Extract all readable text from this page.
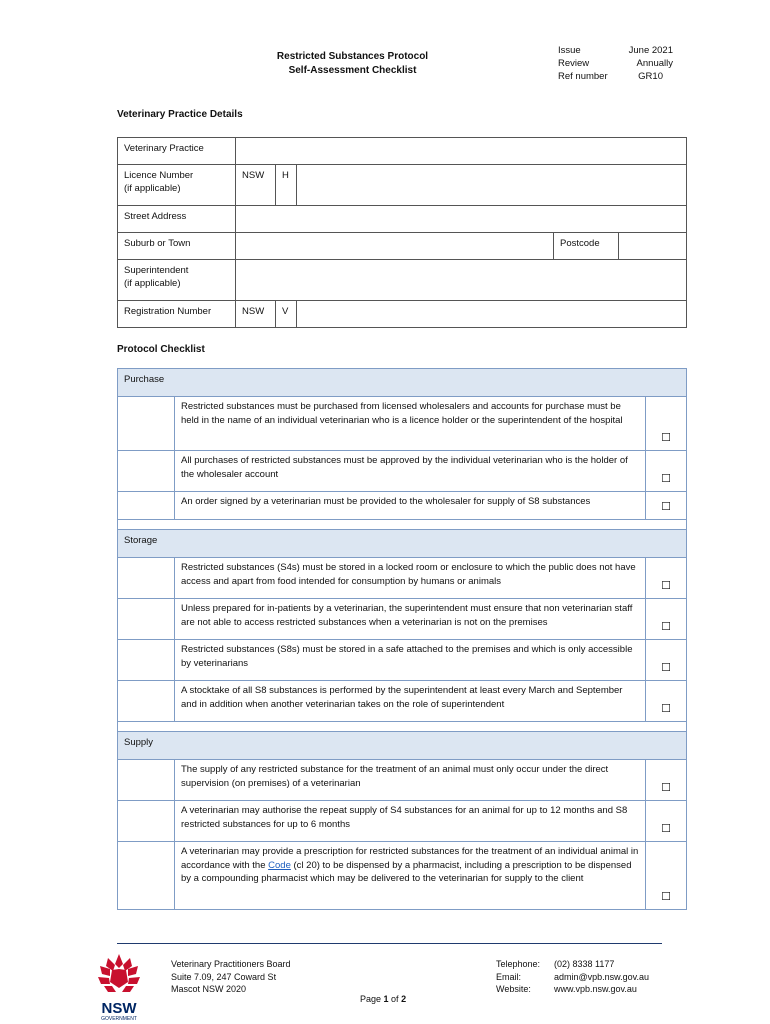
Restricted Substances Protocol
Self-Assessment Checklist
Issue	June 2021
Review	Annually
Ref number	GR10
Veterinary Practice Details
Veterinary Practice					

Licence Number
(if applicable)	NSW	H			
Street Address					
Suburb or Town				Postcode	

Superintendent
(if applicable)					

Registration Number	NSW	V			
Protocol Checklist
Purchase		
	Restricted substances must be purchased from licensed wholesalers and accounts for purchase must be held in the name of an individual veterinarian who is a licence holder or the superintendent of the hospital	☐
	All purchases of restricted substances must be approved by the individual veterinarian who is the holder of the wholesaler account	☐
	An order signed by a veterinarian must be provided to the wholesaler for supply of S8 substances	☐

Storage		
	Restricted substances (S4s) must be stored in a locked room or enclosure to which the public does not have access and apart from food intended for consumption by humans or animals	☐
	Unless prepared for in-patients by a veterinarian, the superintendent must ensure that non veterinarian staff are not able to access restricted substances when a veterinarian is not on the premises	☐
	Restricted substances (S8s) must be stored in a safe attached to the premises and which is only accessible by veterinarians	☐
	A stocktake of all S8 substances is performed by the superintendent at least every March and September and in addition when another veterinarian takes on the role of superintendent	☐

Supply		
	The supply of any restricted substance for the treatment of an animal must only occur under the direct supervision (on premises) of a veterinarian	☐
	A veterinarian may authorise the repeat supply of S4 substances for an animal for up to 12 months and S8 restricted substances for up to 6 months	☐
	A veterinarian may provide a prescription for restricted substances for the treatment of an individual animal in accordance with the Code (cl 20) to be dispensed by a pharmacist, including a prescription to be dispensed by a compounding pharmacist which may be delivered to the veterinarian for supply to the client	☐
NSW
GOVERNMENT
Veterinary Practitioners Board
Suite 7.09, 247 Coward St
Mascot NSW 2020
Telephone: (02) 8338 1177
Email:	admin@vpb.nsw.gov.au
Website:	www.vpb.nsw.gov.au
Page 1 of 2
